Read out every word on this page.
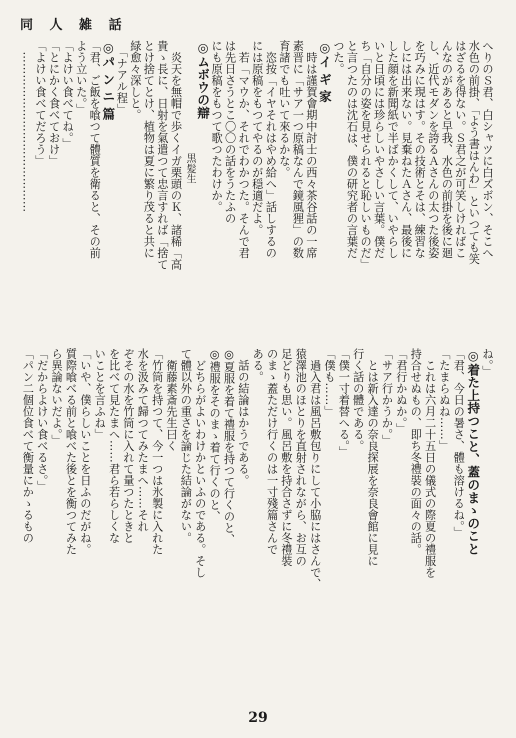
同 人 雑 話
へりのＳ君、白シャツに白ズボン、そこへ
水色の前掛、「よう書はんわ」といつても笑
はざるを得ない。Ｓ君之が可笑しければこ
んなのがあると早我、水色の前掛を後に廻
し、近代モダンを誇るＡさんの太つた後姿
を巧みに現はす。その技術とそは、練習な
しには出来ない。見棄ねたＡさん、最後に
した顔を新聞紙で半ばかくして、いやらし
いと日頃には珍らしいやさしい言葉。僕だ
ち「自分の姿を見せられると恥しいものだ」
と言つたのは沈石は、僕の研究者の言葉だ
つた。
◎イ ギ 家
　時は謹賀會期中討士の西々茶谷話の一席
素晋に「サア一つ原稿なんで鏡風狸」の数
育諸でも吐いて來るかな。
　恣按「イヤそれはやめ給へ」話しするの
には原稿をもつてやるのが穏適だよ。
　若「マウか、それでわかつた。そんで君
は先日さうとこ〇〇の話をうたふの
にも原稿をもつて歌つたわけか。
◎ムボウの辯
　　　　　　　　　　　黒髪生
　炎天を無帽で歩くイガ栗頭のＫ、諸稀「高
貴ゝ長に、日射を氣遣つて忠言すれば「捨て
とけ捨てとけ、植物は夏に繁り茂ると共に
緑愈々深しと。
　「ナアル程」
◎パ ン ニ 篇
「君、ご飯を喰つて體質を衛ると、その前
よう立いた。」
「よけい食べてね。」
「とにかく食べておけ」
「よけい食べてだろう」
　……………………………………
ね。」
◎着た上持つこと、蓋のまゝのこと
「君、今日の暑さ、體も溶けるね。」
「たまらぬね……」
　これは六月二十五日の儀式の際夏の禮服を
持合せぬもの、即ち冬禮裝の面々の話。
「君行かぬか。」
「サア行かうか。」
　とは新入達の奈良探展を奈良會館に見に
行く話の體である。
「僕一寸着替へる。」
「僕も……」
　過入君は風呂敷包りにして小脇にはさんで、
猿澤池のほとりを直射されながら、お互の
足どりも思い。風呂敷を持合さずに冬禮裝
のまゝ蓋ただけ行くのは一寸殘篇さんで
ある。
　話の結論はかうである。
◎夏服を着て禮服を持つて行くのと、
◎禮服をそのまゝ着て行くのと、
　どちらがよいわけかといふのである。そし
て體以外の重さを論じた結論がない。
　衛藤素斎先生曰く
「竹筒を持つて、今一つは氷製に入れた
水を汲みて歸つてみたまへ……それ
ぞその水を竹筒に入れて量つたときと
を比べて見たまへ……君ら若らしくな
いことを言ふね」
「いや、僕らしいことを日ふのだがね。
質際喰べる前と喰べた後とを衡つてみた
ら異論ないだよ。」
「だからよけい食べるさ。」
「パン二個位食べて衡量にかゝるもの
29
